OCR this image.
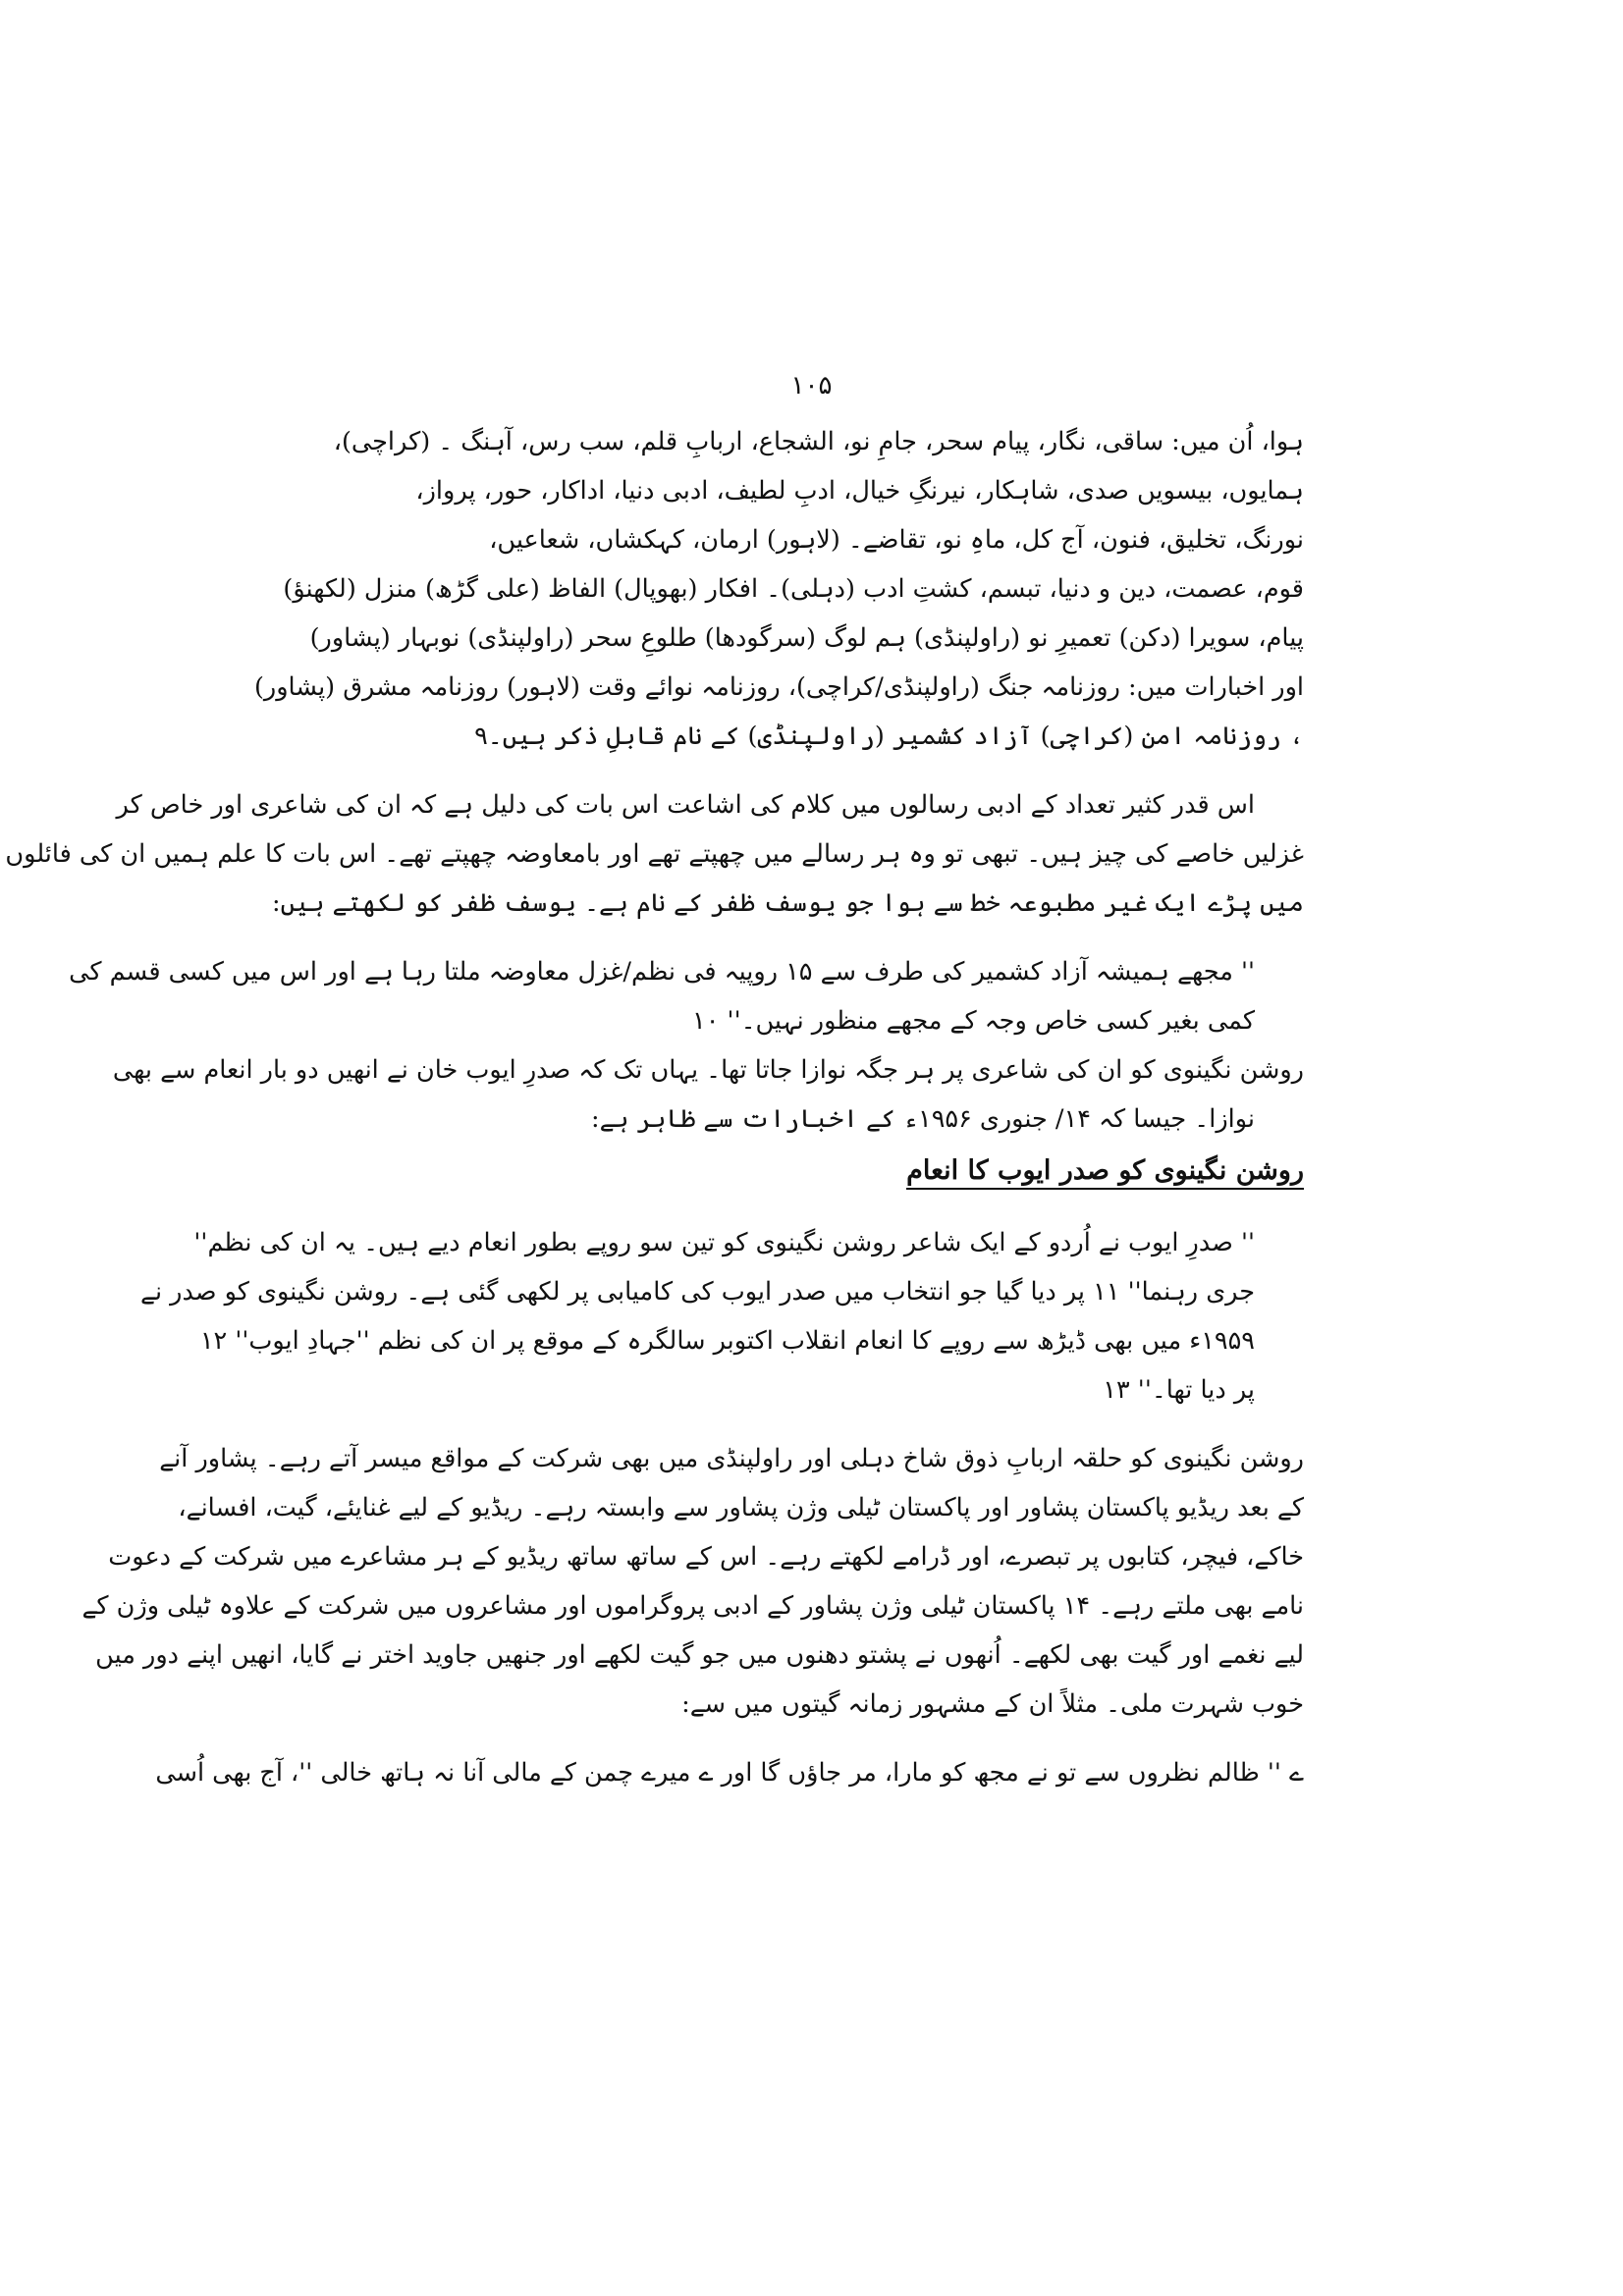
۱۰۵
ہوا، اُن میں: ساقی، نگار، پیام سحر، جامِ نو، الشجاع، اربابِ قلم، سب رس، آہنگ ۔ (کراچی)،
ہمایوں، بیسویں صدی، شاہکار، نیرنگِ خیال، ادبِ لطیف، ادبی دنیا، اداکار، حور، پرواز،
نورنگ، تخلیق، فنون، آج کل، ماہِ نو، تقاضے۔ (لاہور) ارمان، کہکشاں، شعاعیں،
قوم، عصمت، دین و دنیا، تبسم، کشتِ ادب (دہلی)۔ افکار (بھوپال) الفاظ (علی گڑھ) منزل (لکھنؤ)
پیام، سویرا (دکن) تعمیرِ نو (راولپنڈی) ہم لوگ (سرگودھا) طلوعِ سحر (راولپنڈی) نوبہار (پشاور)
اور اخبارات میں: روزنامہ جنگ (راولپنڈی/کراچی)، روزنامہ نوائے وقت (لاہور) روزنامہ مشرق (پشاور)
، روزنامہ امن (کراچی) آزاد کشمیر (راولپنڈی) کے نام قابلِ ذکر ہیں۔۹
اس قدر کثیر تعداد کے ادبی رسالوں میں کلام کی اشاعت اس بات کی دلیل ہے کہ ان کی شاعری اور خاص کر
غزلیں خاصے کی چیز ہیں۔ تبھی تو وہ ہر رسالے میں چھپتے تھے اور بامعاوضہ چھپتے تھے۔ اس بات کا علم ہمیں ان کی فائلوں
میں پڑے ایک غیر مطبوعہ خط سے ہوا جو یوسف ظفر کے نام ہے۔ یوسف ظفر کو لکھتے ہیں:
'' مجھے ہمیشہ آزاد کشمیر کی طرف سے ۱۵ روپیہ فی نظم/غزل معاوضہ ملتا رہا ہے اور اس میں کسی قسم کی
کمی بغیر کسی خاص وجہ کے مجھے منظور نہیں۔'' ۱۰
روشن نگینوی کو ان کی شاعری پر ہر جگہ نوازا جاتا تھا۔ یہاں تک کہ صدرِ ایوب خان نے انھیں دو بار انعام سے بھی
نوازا۔ جیسا کہ ۱۴/ جنوری ۱۹۵۶ء کے اخبارات سے ظاہر ہے:
روشن نگینوی کو صدر ایوب کا انعام
'' صدرِ ایوب نے اُردو کے ایک شاعر روشن نگینوی کو تین سو روپے بطور انعام دیے ہیں۔ یہ ان کی نظم''
جری رہنما'' ۱۱ پر دیا گیا جو انتخاب میں صدر ایوب کی کامیابی پر لکھی گئی ہے۔ روشن نگینوی کو صدر نے
۱۹۵۹ء میں بھی ڈیڑھ سے روپے کا انعام انقلاب اکتوبر سالگرہ کے موقع پر ان کی نظم ''جہادِ ایوب'' ۱۲
پر دیا تھا۔'' ۱۳
روشن نگینوی کو حلقہ اربابِ ذوق شاخ دہلی اور راولپنڈی میں بھی شرکت کے مواقع میسر آتے رہے۔ پشاور آنے
کے بعد ریڈیو پاکستان پشاور اور پاکستان ٹیلی وژن پشاور سے وابستہ رہے۔ ریڈیو کے لیے غنایئے، گیت، افسانے،
خاکے، فیچر، کتابوں پر تبصرے، اور ڈرامے لکھتے رہے۔ اس کے ساتھ ساتھ ریڈیو کے ہر مشاعرے میں شرکت کے دعوت
نامے بھی ملتے رہے۔ ۱۴ پاکستان ٹیلی وژن پشاور کے ادبی پروگراموں اور مشاعروں میں شرکت کے علاوہ ٹیلی وژن کے
لیے نغمے اور گیت بھی لکھے۔ اُنھوں نے پشتو دھنوں میں جو گیت لکھے اور جنھیں جاوید اختر نے گایا، انھیں اپنے دور میں
خوب شہرت ملی۔ مثلاً ان کے مشہور زمانہ گیتوں میں سے:
ے '' ظالم نظروں سے تو نے مجھ کو مارا، مر جاؤں گا اور ے میرے چمن کے مالی آنا نہ ہاتھ خالی ''، آج بھی اُسی
